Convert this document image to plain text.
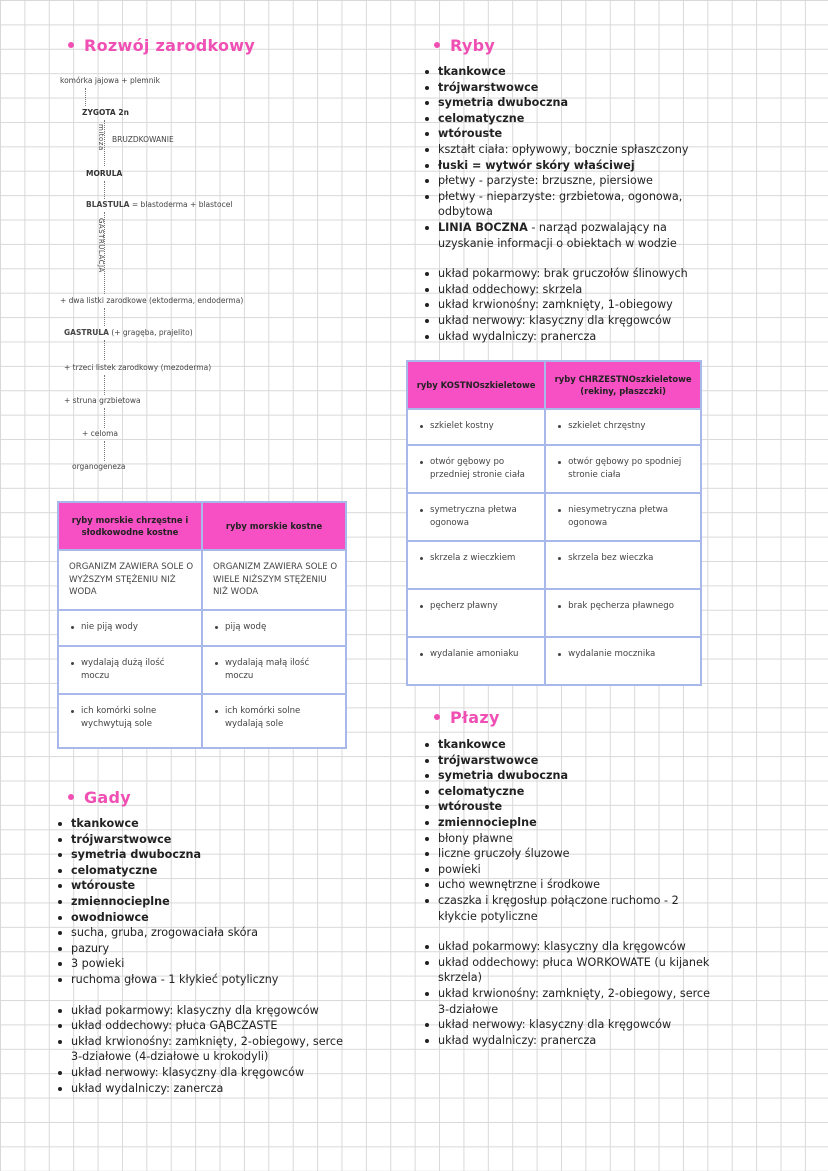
Rozwój zarodkowy
komórka jajowa + plemnik
ZYGOTA 2n
mitoza BRUZDKOWANIE
MORULA
BLASTULA = blastoderma + blastocel
GASTRULACJA
+ dwa listki zarodkowe (ektoderma, endoderma)
GASTRULA (+ gragęba, prajelito)
+ trzeci listek zarodkowy (mezoderma)
+ struna grzbietowa
+ celoma
organogeneza
ryby morskie chrzęstne i słodkowodne kostne	ryby morskie kostne
ORGANIZM ZAWIERA SOLE O WYŻSZYM STĘŻENIU NIŻ WODA	ORGANIZM ZAWIERA SOLE O WIELE NIŻSZYM STĘŻENIU NIŻ WODA

nie piją wody	piją wodę

wydalają dużą ilość moczu	wydalają małą ilość moczu

ich komórki solne wychwytują sole	ich komórki solne wydalają sole
Gady
tkankowce
trójwarstwowce
symetria dwuboczna
celomatyczne
wtórouste
zmiennocieplne
owodniowce
sucha, gruba, zrogowaciała skóra
pazury
3 powieki
ruchoma głowa - 1 kłykieć potyliczny
układ pokarmowy: klasyczny dla kręgowców
układ oddechowy: płuca GĄBCZASTE
układ krwionośny: zamknięty, 2-obiegowy, serce 3-działowe (4-działowe u krokodyli)
układ nerwowy: klasyczny dla kręgowców
układ wydalniczy: zanercza
Ryby
tkankowce
trójwarstwowce
symetria dwuboczna
celomatyczne
wtórouste
kształt ciała: opływowy, bocznie spłaszczony
łuski = wytwór skóry właściwej
płetwy - parzyste: brzuszne, piersiowe
płetwy - nieparzyste: grzbietowa, ogonowa, odbytowa
LINIA BOCZNA - narząd pozwalający na uzyskanie informacji o obiektach w wodzie
układ pokarmowy: brak gruczołów ślinowych
układ oddechowy: skrzela
układ krwionośny: zamknięty, 1-obiegowy
układ nerwowy: klasyczny dla kręgowców
układ wydalniczy: pranercza
ryby KOSTNOszkieletowe	ryby CHRZESTNOszkieletowe (rekiny, płaszczki)

szkielet kostny	szkielet chrzęstny

otwór gębowy po przedniej stronie ciała	otwór gębowy po spodniej stronie ciała

symetryczna płetwa ogonowa	niesymetryczna płetwa ogonowa

skrzela z wieczkiem	skrzela bez wieczka

pęcherz pławny	brak pęcherza pławnego

wydalanie amoniaku	wydalanie mocznika
Płazy
tkankowce
trójwarstwowce
symetria dwuboczna
celomatyczne
wtórouste
zmiennocieplne
błony pławne
liczne gruczoły śluzowe
powieki
ucho wewnętrzne i środkowe
czaszka i kręgosłup połączone ruchomo - 2 kłykcie potyliczne
układ pokarmowy: klasyczny dla kręgowców
układ oddechowy: płuca WORKOWATE (u kijanek skrzela)
układ krwionośny: zamknięty, 2-obiegowy, serce 3-działowe
układ nerwowy: klasyczny dla kręgowców
układ wydalniczy: pranercza
